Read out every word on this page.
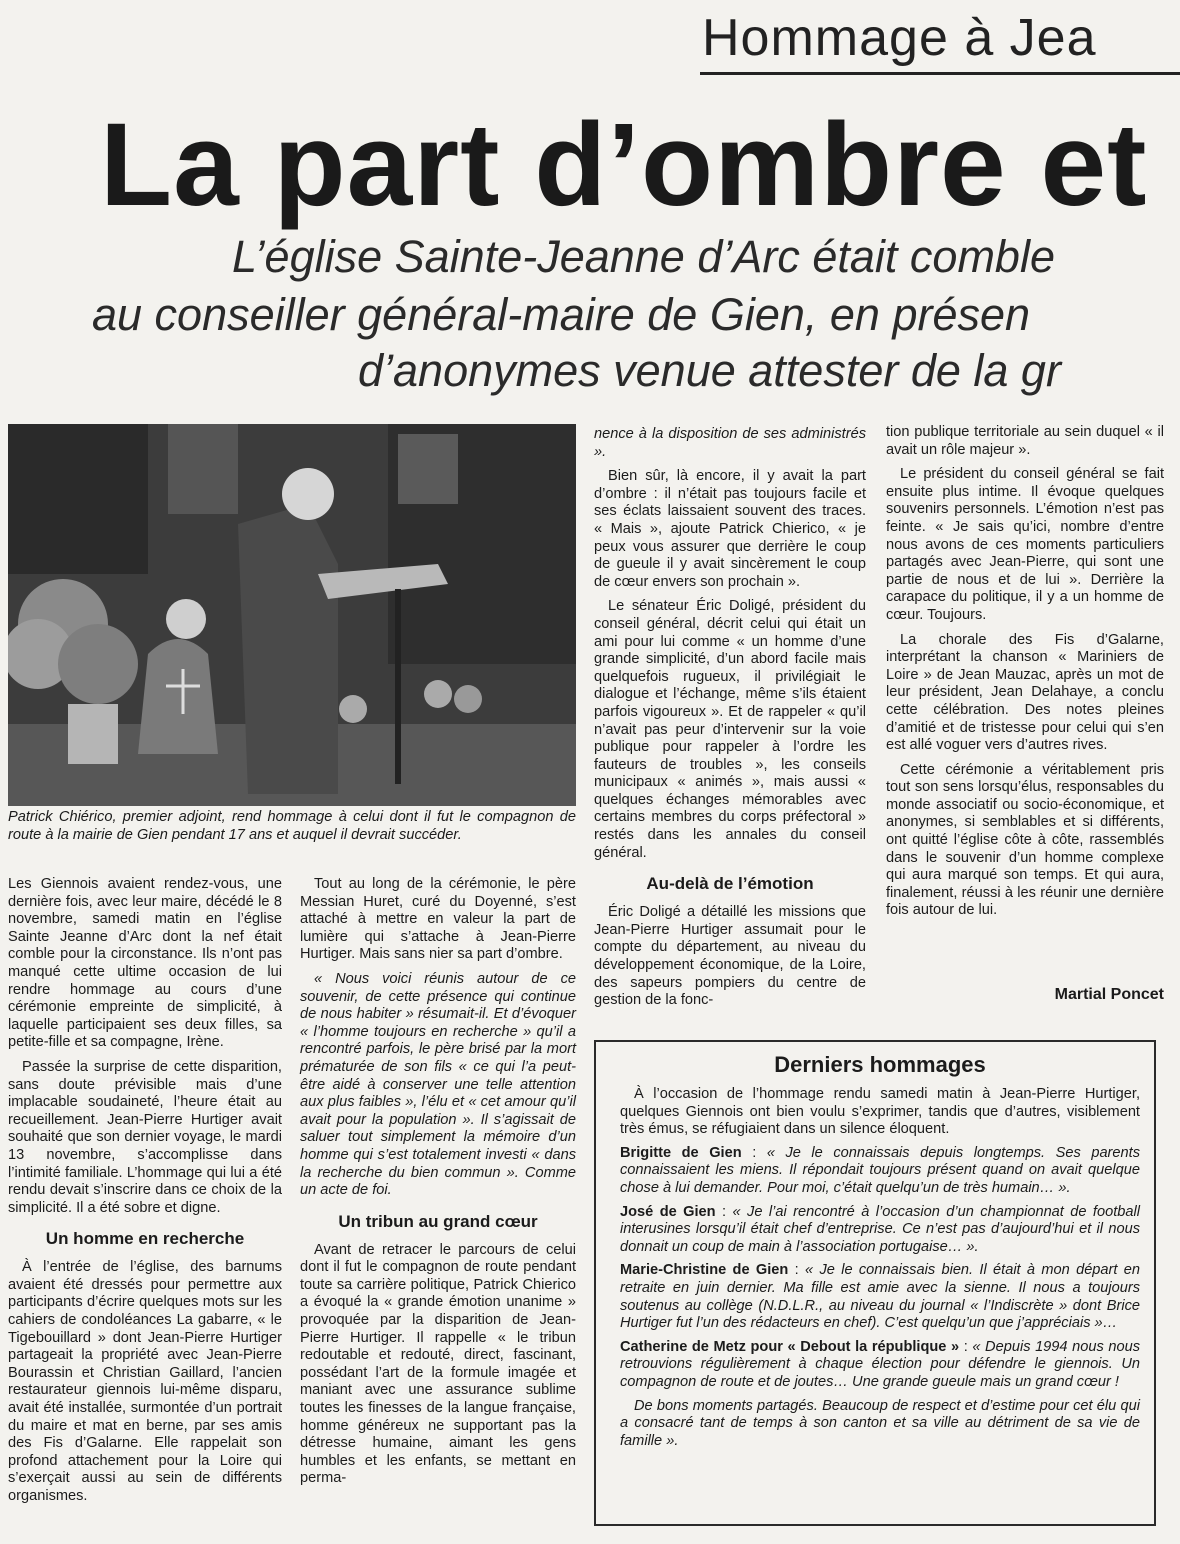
Hommage à Jea
La part d’ombre et
L’église Sainte-Jeanne d’Arc était comble
au conseiller général-maire de Gien, en présen
d’anonymes venue attester de la gr
Patrick Chiérico, premier adjoint, rend hommage à celui dont il fut le compagnon de route à la mairie de Gien pendant 17 ans et auquel il devrait succéder.

Les Giennois avaient rendez-vous, une dernière fois, avec leur maire, décédé le 8 novembre, samedi matin en l’église Sainte Jeanne d’Arc dont la nef était comble pour la circonstance. Ils n’ont pas manqué cette ultime occasion de lui rendre hommage au cours d’une cérémonie empreinte de simplicité, à laquelle participaient ses deux filles, sa petite-fille et sa compagne, Irène.

Passée la surprise de cette disparition, sans doute prévisible mais d’une implacable soudaineté, l’heure était au recueillement. Jean-Pierre Hurtiger avait souhaité que son dernier voyage, le mardi 13 novembre, s’accomplisse dans l’intimité familiale. L’hommage qui lui a été rendu devait s’inscrire dans ce choix de la simplicité. Il a été sobre et digne.

Un homme en recherche

À l’entrée de l’église, des barnums avaient été dressés pour permettre aux participants d’écrire quelques mots sur les cahiers de condoléances La gabarre, « le Tigebouillard » dont Jean-Pierre Hurtiger partageait la propriété avec Jean-Pierre Bourassin et Christian Gaillard, l’ancien restaurateur giennois lui-même disparu, avait été installée, surmontée d’un portrait du maire et mat en berne, par ses amis des Fis d’Galarne. Elle rappelait son profond attachement pour la Loire qui s’exerçait aussi au sein de différents organismes.

Tout au long de la cérémonie, le père Messian Huret, curé du Doyenné, s’est attaché à mettre en valeur la part de lumière qui s’attache à Jean-Pierre Hurtiger. Mais sans nier sa part d’ombre.

« Nous voici réunis autour de ce souvenir, de cette présence qui continue de nous habiter » résumait-il. Et d’évoquer « l’homme toujours en recherche » qu’il a rencontré parfois, le père brisé par la mort prématurée de son fils « ce qui l’a peut-être aidé à conserver une telle attention aux plus faibles », l’élu et « cet amour qu’il avait pour la population ». Il s’agissait de saluer tout simplement la mémoire d’un homme qui s’est totalement investi « dans la recherche du bien commun ». Comme un acte de foi.

Un tribun au grand cœur

Avant de retracer le parcours de celui dont il fut le compagnon de route pendant toute sa carrière politique, Patrick Chierico a évoqué la « grande émotion unanime » provoquée par la disparition de Jean-Pierre Hurtiger. Il rappelle « le tribun redoutable et redouté, direct, fascinant, possédant l’art de la formule imagée et maniant avec une assurance sublime toutes les finesses de la langue française, homme généreux ne supportant pas la détresse humaine, aimant les gens humbles et les enfants, se mettant en perma-

nence à la disposition de ses administrés ».

Bien sûr, là encore, il y avait la part d’ombre : il n’était pas toujours facile et ses éclats laissaient souvent des traces. « Mais », ajoute Patrick Chierico, « je peux vous assurer que derrière le coup de gueule il y avait sincèrement le coup de cœur envers son prochain ».

Le sénateur Éric Doligé, président du conseil général, décrit celui qui était un ami pour lui comme « un homme d’une grande simplicité, d’un abord facile mais quelquefois rugueux, il privilégiait le dialogue et l’échange, même s’ils étaient parfois vigoureux ». Et de rappeler « qu’il n’avait pas peur d’intervenir sur la voie publique pour rappeler à l’ordre les fauteurs de troubles », les conseils municipaux « animés », mais aussi « quelques échanges mémorables avec certains membres du corps préfectoral » restés dans les annales du conseil général.

Au-delà de l’émotion

Éric Doligé a détaillé les missions que Jean-Pierre Hurtiger assumait pour le compte du département, au niveau du développement économique, de la Loire, des sapeurs pompiers du centre de gestion de la fonc-

tion publique territoriale au sein duquel « il avait un rôle majeur ».

Le président du conseil général se fait ensuite plus intime. Il évoque quelques souvenirs personnels. L’émotion n’est pas feinte. « Je sais qu’ici, nombre d’entre nous avons de ces moments particuliers partagés avec Jean-Pierre, qui sont une partie de nous et de lui ». Derrière la carapace du politique, il y a un homme de cœur. Toujours.

La chorale des Fis d’Galarne, interprétant la chanson « Mariniers de Loire » de Jean Mauzac, après un mot de leur président, Jean Delahaye, a conclu cette célébration. Des notes pleines d’amitié et de tristesse pour celui qui s’en est allé voguer vers d’autres rives.

Cette cérémonie a véritablement pris tout son sens lorsqu’élus, responsables du monde associatif ou socio-économique, et anonymes, si semblables et si différents, ont quitté l’église côte à côte, rassemblés dans le souvenir d’un homme complexe qui aura marqué son temps. Et qui aura, finalement, réussi à les réunir une dernière fois autour de lui.

Martial Poncet
Derniers hommages

À l’occasion de l’hommage rendu samedi matin à Jean-Pierre Hurtiger, quelques Giennois ont bien voulu s’exprimer, tandis que d’autres, visiblement très émus, se réfugiaient dans un silence éloquent.

Brigitte de Gien : « Je le connaissais depuis longtemps. Ses parents connaissaient les miens. Il répondait toujours présent quand on avait quelque chose à lui demander. Pour moi, c’était quelqu’un de très humain… ».

José de Gien : « Je l’ai rencontré à l’occasion d’un championnat de football interusines lorsqu’il était chef d’entreprise. Ce n’est pas d’aujourd’hui et il nous donnait un coup de main à l’association portugaise… ».

Marie-Christine de Gien : « Je le connaissais bien. Il était à mon départ en retraite en juin dernier. Ma fille est amie avec la sienne. Il nous a toujours soutenus au collège (N.D.L.R., au niveau du journal « l’Indiscrète » dont Brice Hurtiger fut l’un des rédacteurs en chef). C’est quelqu’un que j’appréciais »…

Catherine de Metz pour « Debout la république » : « Depuis 1994 nous nous retrouvions régulièrement à chaque élection pour défendre le giennois. Un compagnon de route et de joutes… Une grande gueule mais un grand cœur !

De bons moments partagés. Beaucoup de respect et d’estime pour cet élu qui a consacré tant de temps à son canton et sa ville au détriment de sa vie de famille ».
